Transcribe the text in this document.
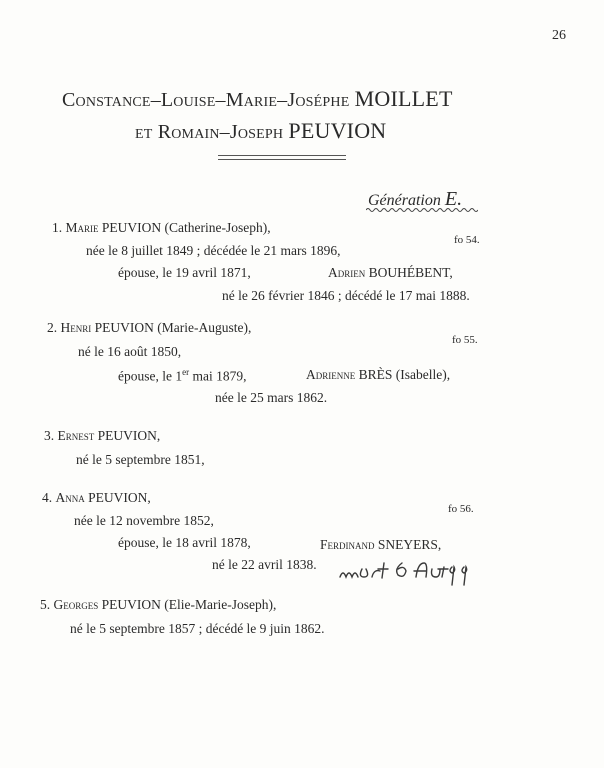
26
Constance–Louise–Marie–Joséphe MOILLET
et Romain–Joseph PEUVION
Génération E.
1. Marie PEUVION (Catherine-Joseph),
fo 54.
née le 8 juillet 1849 ; décédée le 21 mars 1896,
épouse, le 19 avril 1871,	Adrien BOUHÉBENT,
né le 26 février 1846 ; décédé le 17 mai 1888.
2. Henri PEUVION (Marie-Auguste),
fo 55.
né le 16 août 1850,
épouse, le 1er mai 1879,	Adrienne BRÈS (Isabelle),
née le 25 mars 1862.
3. Ernest PEUVION,
né le 5 septembre 1851,
4. Anna PEUVION,
fo 56.
née le 12 novembre 1852,
épouse, le 18 avril 1878,	Ferdinand SNEYERS,
né le 22 avril 1838.
5. Georges PEUVION (Elie-Marie-Joseph),
né le 5 septembre 1857 ; décédé le 9 juin 1862.
